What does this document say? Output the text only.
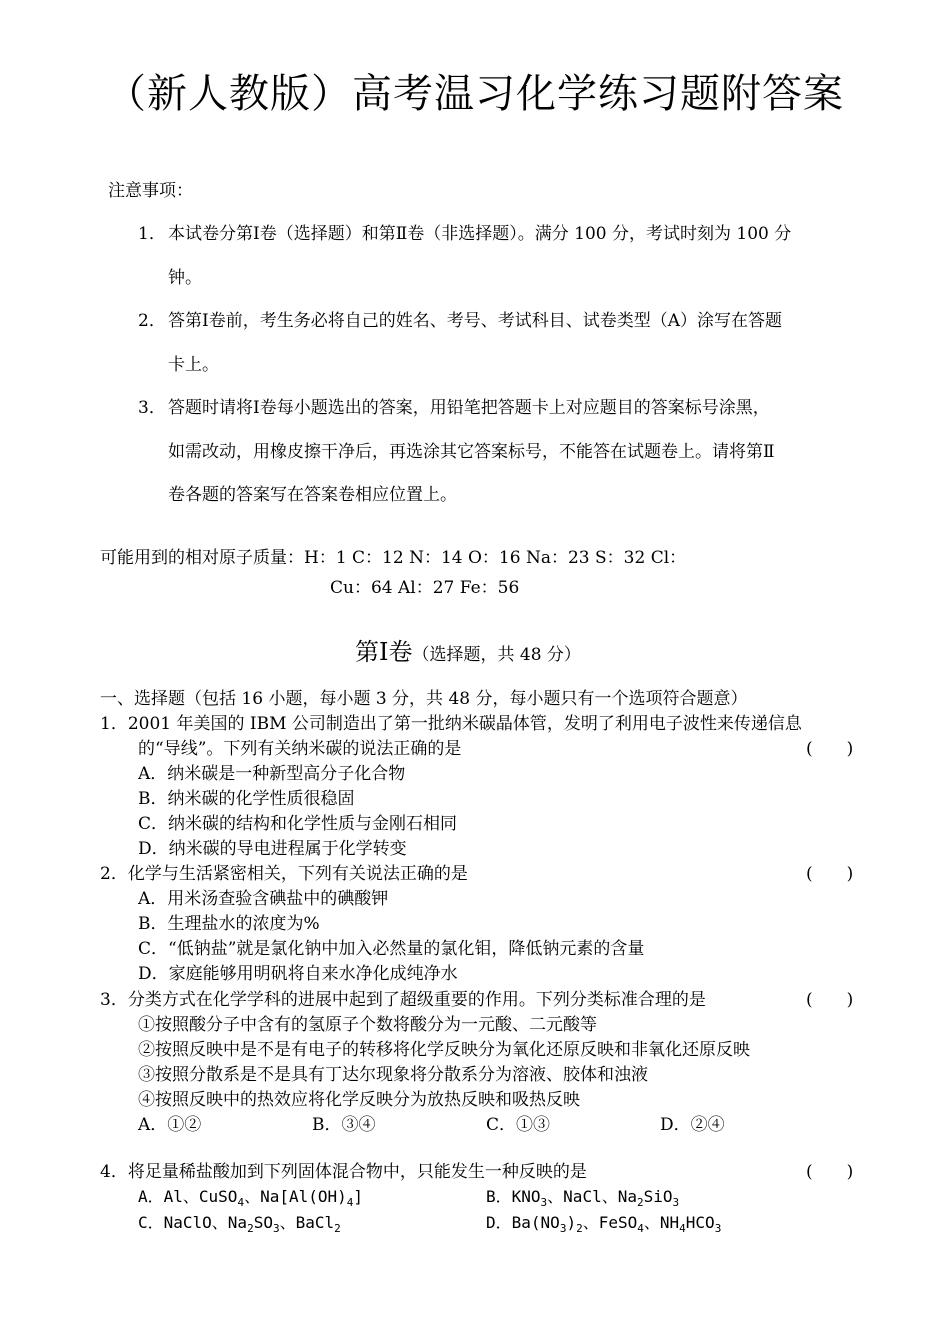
（新人教版）高考温习化学练习题附答案
注意事项：
1． 本试卷分第Ⅰ卷（选择题）和第Ⅱ卷（非选择题）。满分 100 分，考试时刻为 100 分
钟。
2． 答第Ⅰ卷前，考生务必将自己的姓名、考号、考试科目、试卷类型（A）涂写在答题
卡上。
3． 答题时请将Ⅰ卷每小题选出的答案，用铅笔把答题卡上对应题目的答案标号涂黑，
如需改动，用橡皮擦干净后，再选涂其它答案标号，不能答在试题卷上。请将第Ⅱ
卷各题的答案写在答案卷相应位置上。
可能用到的相对原子质量：H：1 C：12 N：14 O：16 Na：23 S：32 Cl：
Cu：64 Al：27 Fe：56
第Ⅰ卷（选择题，共 48 分）
一、选择题（包括 16 小题，每小题 3 分，共 48 分，每小题只有一个选项符合题意）
1．2001 年美国的 IBM 公司制造出了第一批纳米碳晶体管，发明了利用电子波性来传递信息
的“导线”。下列有关纳米碳的说法正确的是	(　　)
A．纳米碳是一种新型高分子化合物
B．纳米碳的化学性质很稳固
C．纳米碳的结构和化学性质与金刚石相同
D．纳米碳的导电进程属于化学转变
2．化学与生活紧密相关，下列有关说法正确的是	(　　)
A．用米汤查验含碘盐中的碘酸钾
B．生理盐水的浓度为%
C．“低钠盐”就是氯化钠中加入必然量的氯化钼，降低钠元素的含量
D．家庭能够用明矾将自来水净化成纯净水
3．分类方式在化学学科的进展中起到了超级重要的作用。下列分类标准合理的是	(　　)
①按照酸分子中含有的氢原子个数将酸分为一元酸、二元酸等
②按照反映中是不是有电子的转移将化学反映分为氧化还原反映和非氧化还原反映
③按照分散系是不是具有丁达尔现象将分散系分为溶液、胶体和浊液
④按照反映中的热效应将化学反映分为放热反映和吸热反映
A．①②	B．③④	C．①③	D．②④
4．将足量稀盐酸加到下列固体混合物中，只能发生一种反映的是	(　　)
A．Al、CuSO$_4$、$Na[Al(OH)_4]$	B．$KNO_3$、NaCl、$Na_2SiO_3$
C．NaClO、$Na_2SO_3$、BaCl$_2$	D．$Ba(NO_3)_2$、FeSO$_4$、$NH_4HCO_3$
